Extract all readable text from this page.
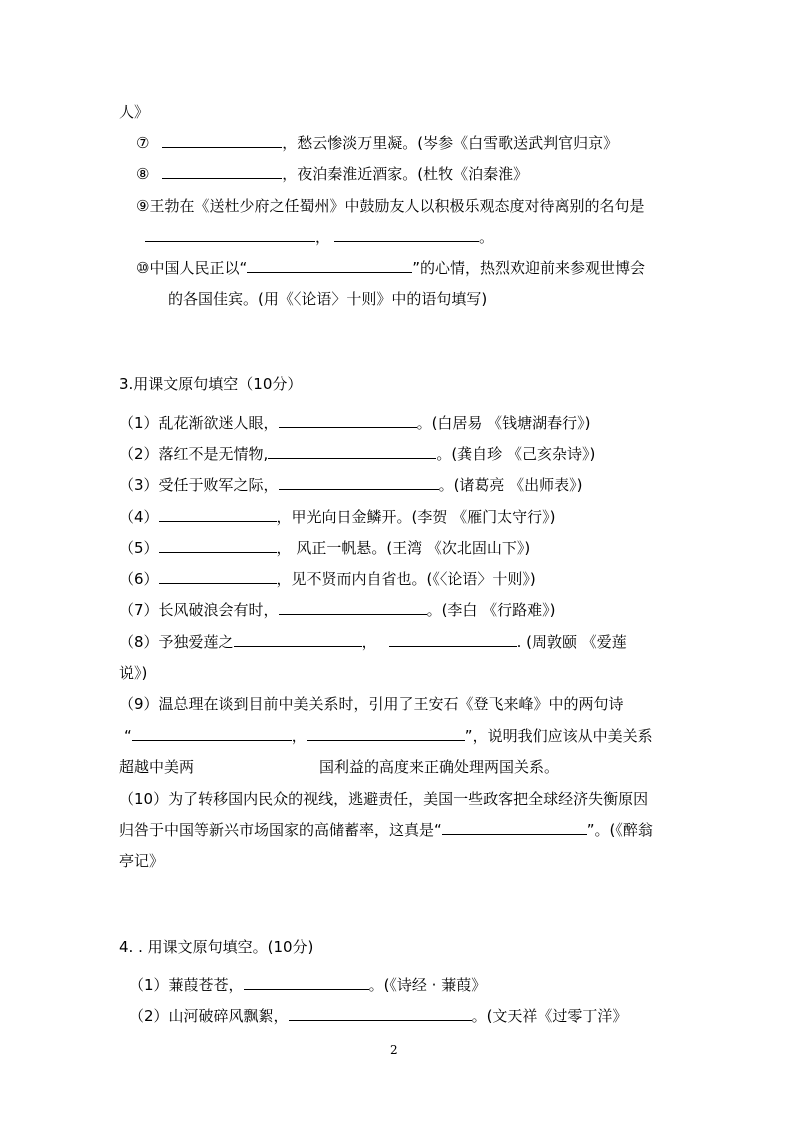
人》
⑦	，愁云惨淡万里凝。(岑参《白雪歌送武判官归京》
⑧	，夜泊秦淮近酒家。(杜牧《泊秦淮》
⑨王勃在《送杜少府之任蜀州》中鼓励友人以积极乐观态度对待离别的名句是
，	。
⑩中国人民正以“	”的心情，热烈欢迎前来参观世博会
的各国佳宾。(用《〈论语〉十则》中的语句填写)
3.用课文原句填空（10分）
（1）乱花渐欲迷人眼，	。(白居易 《钱塘湖春行》)
（2）落红不是无情物,	。(龚自珍 《己亥杂诗》)
（3）受任于败军之际，	。(诸葛亮 《出师表》)
（4）	，甲光向日金鳞开。(李贺 《雁门太守行》)
（5）	， 风正一帆悬。(王湾 《次北固山下》)
（6）	，见不贤而内自省也。(《〈论语〉十则》)
（7）长风破浪会有时，	。(李白 《行路难》)
（8）予独爱莲之	，	. (周敦颐 《爱莲
说》)
（9）温总理在谈到目前中美关系时，引用了王安石《登飞来峰》中的两句诗
“	，	”，说明我们应该从中美关系
超越中美两	国利益的高度来正确处理两国关系。
（10）为了转移国内民众的视线，逃避责任，美国一些政客把全球经济失衡原因
归咎于中国等新兴市场国家的高储蓄率，这真是“	”。(《醉翁
亭记》
4. . 用课文原句填空。(10分)
（1）蒹葭苍苍，	。(《诗经 · 蒹葭》
（2）山河破碎风飘絮，	。(文天祥《过零丁洋》
2
